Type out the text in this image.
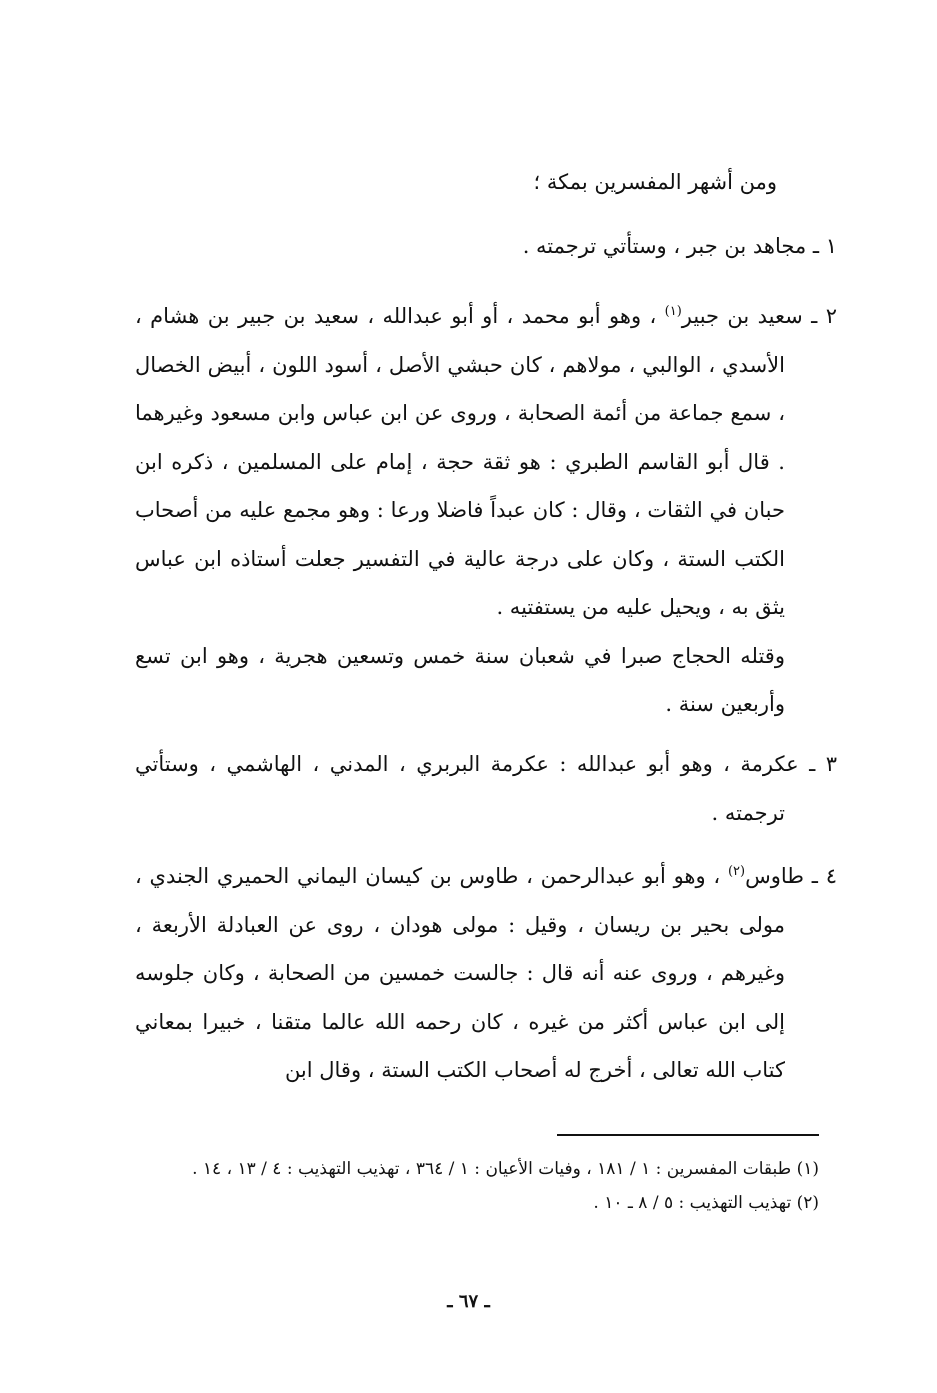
ومن أشهر المفسرين بمكة ؛
١ ـ مجاهد بن جبر ، وستأتي ترجمته .
٢ ـ سعيد بن جبير$^{(١)}$ ، وهو أبو محمد ، أو أبو عبدالله ، سعيد بن جبير بن هشام ، الأسدي ، الوالبي ، مولاهم ، كان حبشي الأصل ، أسود اللون ، أبيض الخصال ، سمع جماعة من أئمة الصحابة ، وروى عن ابن عباس وابن مسعود وغيرهما . قال أبو القاسم الطبري : هو ثقة حجة ، إمام على المسلمين ، ذكره ابن حبان في الثقات ، وقال : كان عبداً فاضلا ورعا : وهو مجمع عليه من أصحاب الكتب الستة ، وكان على درجة عالية في التفسير جعلت أستاذه ابن عباس يثق به ، ويحيل عليه من يستفتيه .
وقتله الحجاج صبرا في شعبان سنة خمس وتسعين هجرية ، وهو ابن تسع وأربعين سنة .
٣ ـ عكرمة ، وهو أبو عبدالله : عكرمة البربري ، المدني ، الهاشمي ، وستأتي ترجمته .
٤ ـ طاوس$^{(٢)}$ ، وهو أبو عبدالرحمن ، طاوس بن كيسان اليماني الحميري الجندي ، مولى بحير بن ريسان ، وقيل : مولى هودان ، روى عن العبادلة الأربعة ، وغيرهم ، وروى عنه أنه قال : جالست خمسين من الصحابة ، وكان جلوسه إلى ابن عباس أكثر من غيره ، كان رحمه الله عالما متقنا ، خبيرا بمعاني كتاب الله تعالى ، أخرج له أصحاب الكتب الستة ، وقال ابن

(١) طبقات المفسرين : ١ / ١٨١ ، وفيات الأعيان : ١ / ٣٦٤ ، تهذيب التهذيب : ٤ / ١٣ ، ١٤ .

(٢) تهذيب التهذيب : ٥ / ٨ ـ ١٠ .

ـ ٦٧ ـ
